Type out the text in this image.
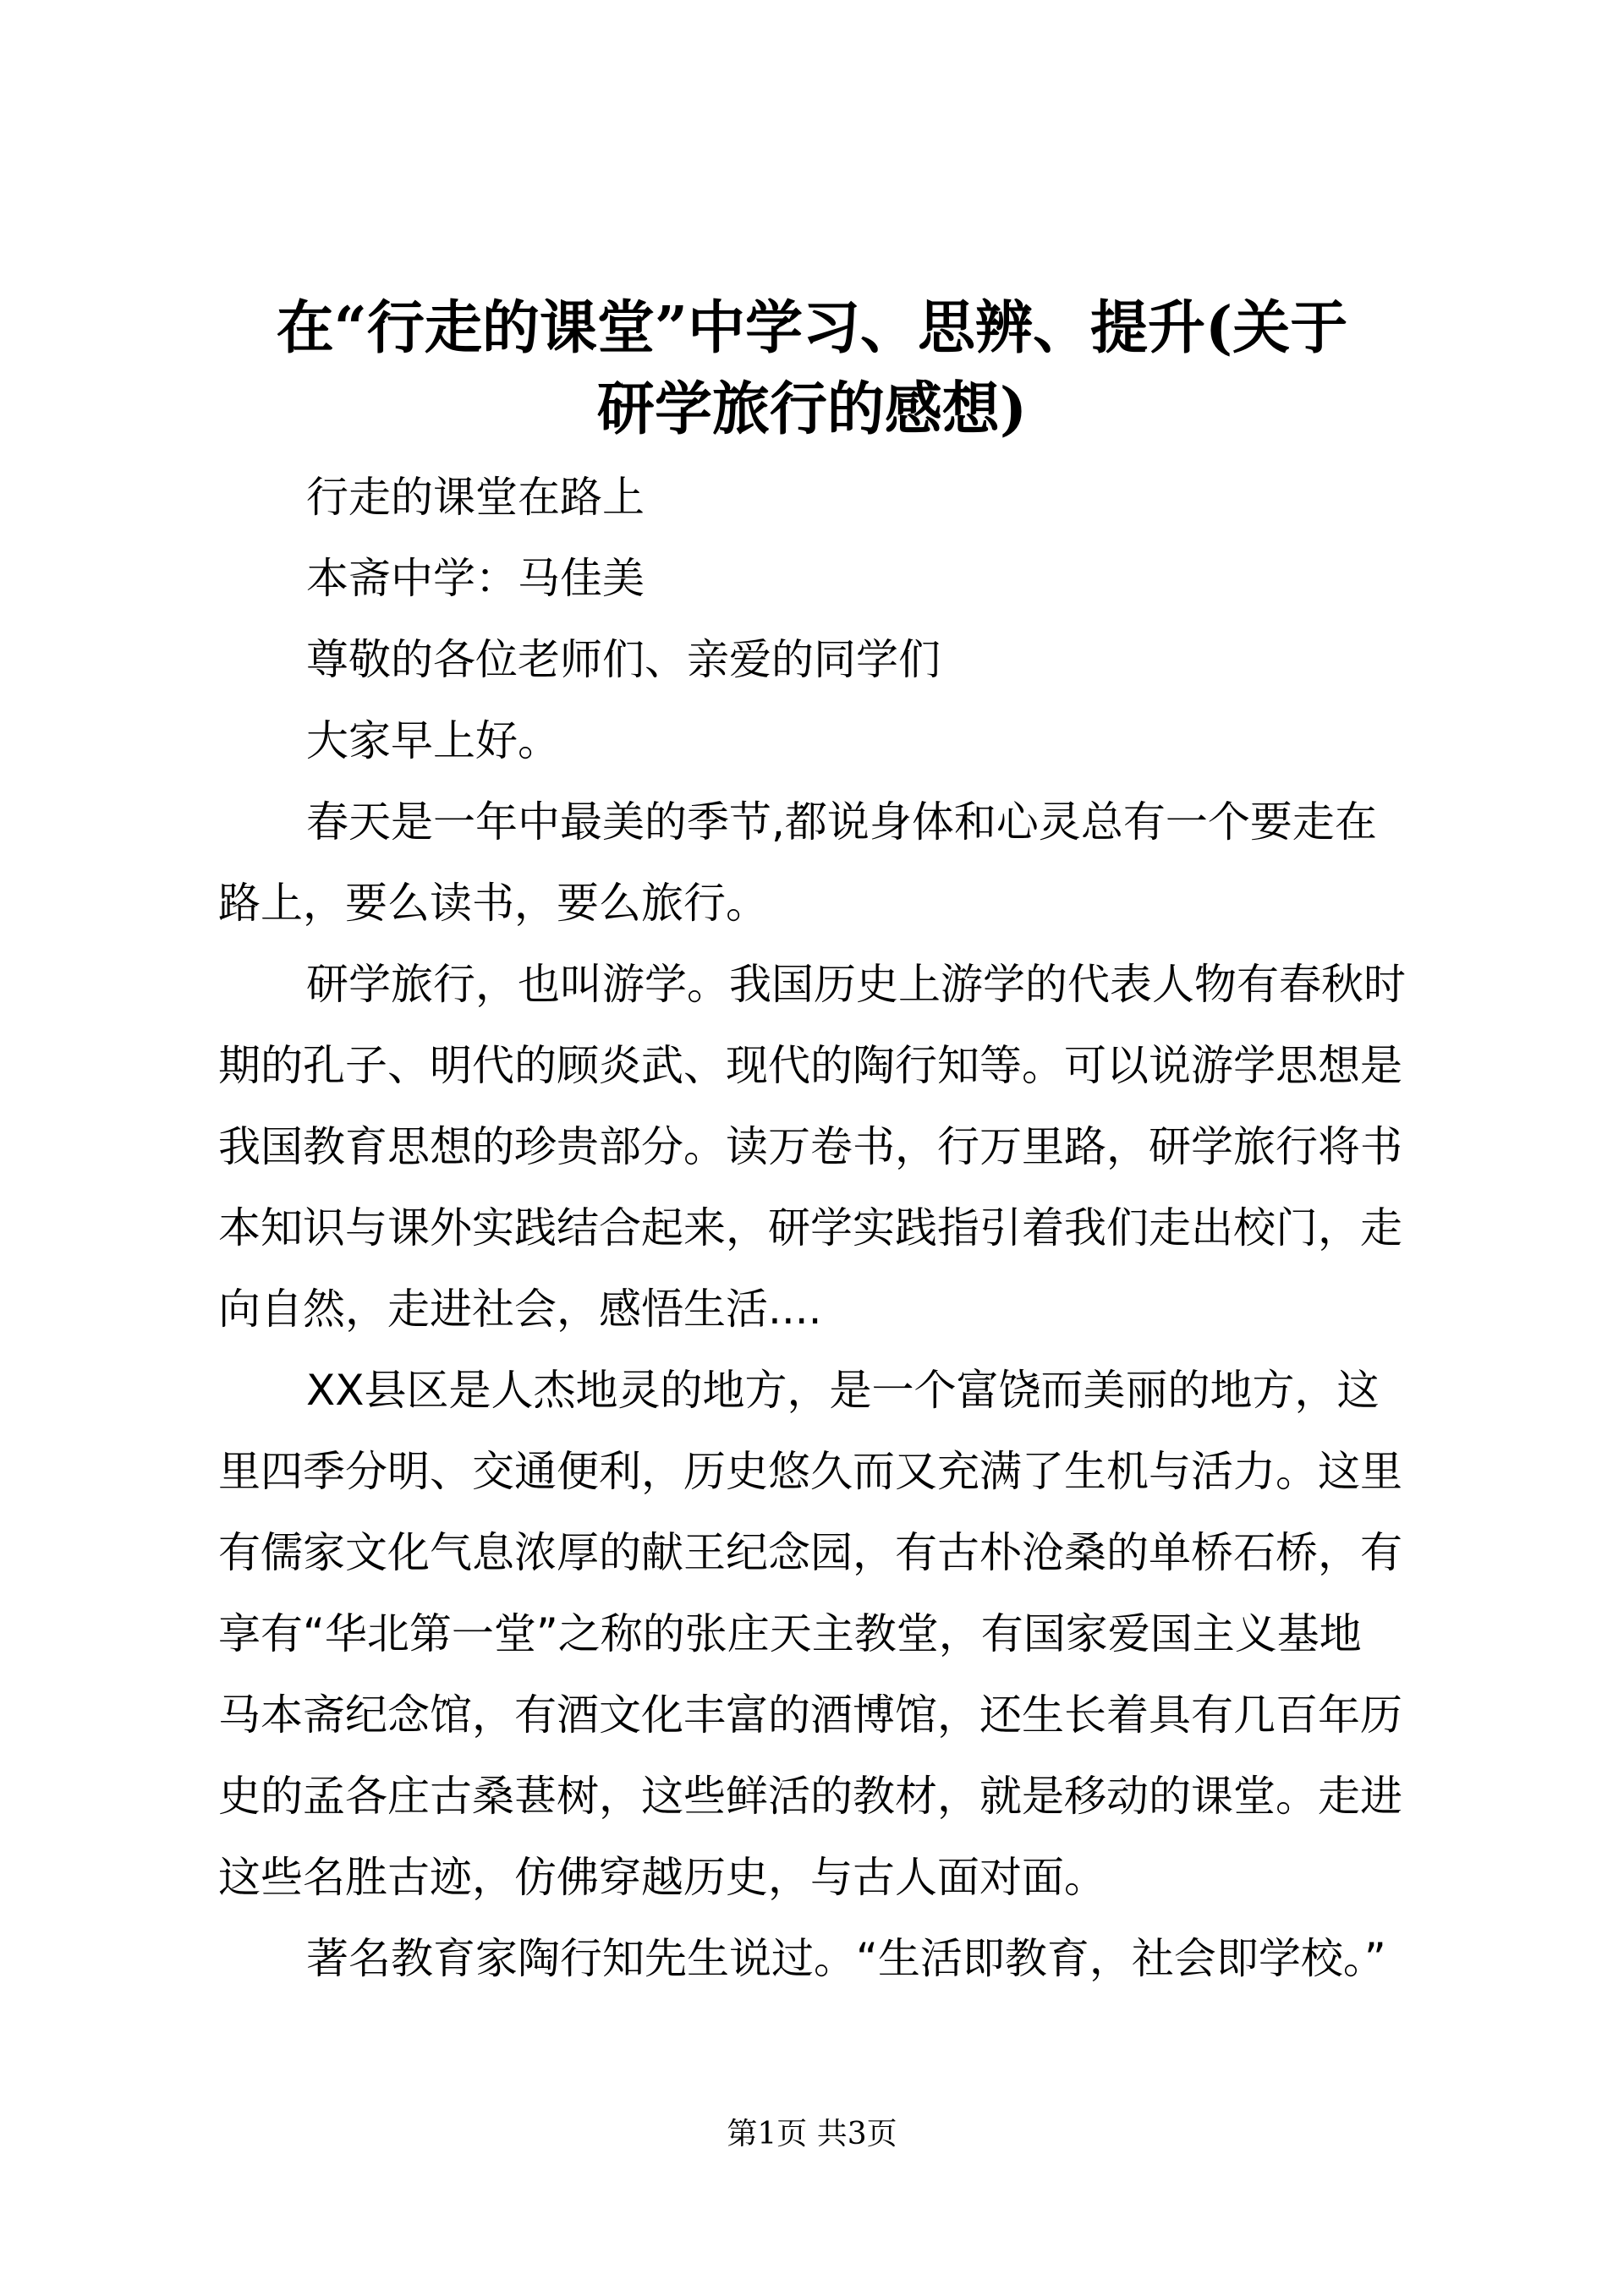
在“行走的课堂”中学习、思辨、提升(关于
研学旅行的感想)
行走的课堂在路上
本斋中学：马佳美
尊敬的各位老师们、亲爱的同学们
大家早上好。
春天是一年中最美的季节,都说身体和心灵总有一个要走在
路上，要么读书，要么旅行。
研学旅行，也叫游学。我国历史上游学的代表人物有春秋时
期的孔子、明代的顾炎武、现代的陶行知等。可以说游学思想是
我国教育思想的珍贵部分。读万卷书，行万里路，研学旅行将书
本知识与课外实践结合起来，研学实践指引着我们走出校门，走
向自然，走进社会，感悟生活....
XX县区是人杰地灵的地方，是一个富饶而美丽的地方，这
里四季分明、交通便利，历史悠久而又充满了生机与活力。这里
有儒家文化气息浓厚的献王纪念园，有古朴沧桑的单桥石桥，有
享有“华北第一堂”之称的张庄天主教堂，有国家爱国主义基地
马本斋纪念馆，有酒文化丰富的酒博馆，还生长着具有几百年历
史的孟各庄古桑葚树，这些鲜活的教材，就是移动的课堂。走进
这些名胜古迹，仿佛穿越历史，与古人面对面。
著名教育家陶行知先生说过。“生活即教育，社会即学校。”
第1页 共3页
